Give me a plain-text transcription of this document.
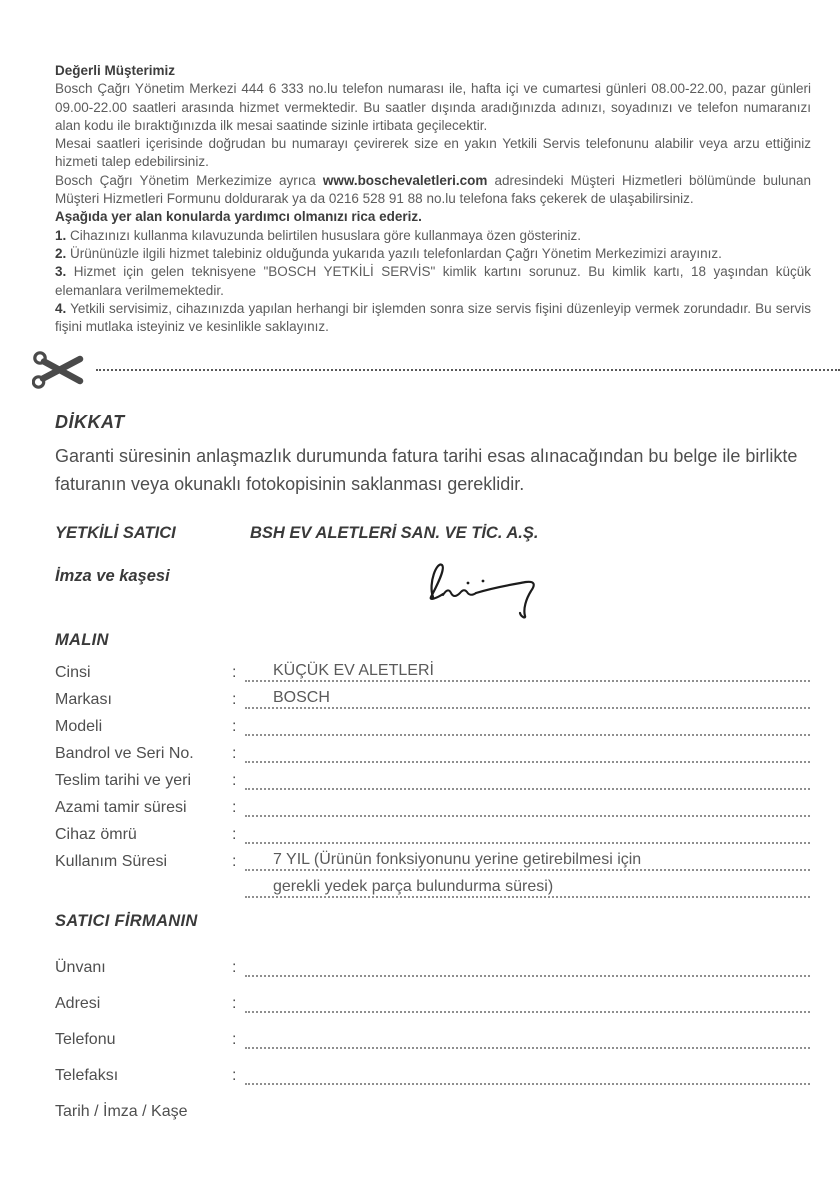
Değerli Müşterimiz

Bosch Çağrı Yönetim Merkezi 444 6 333 no.lu telefon numarası ile, hafta içi ve cumartesi günleri 08.00-22.00, pazar günleri 09.00-22.00 saatleri arasında hizmet vermektedir. Bu saatler dışında aradığınızda adınızı, soyadınızı ve telefon numaranızı alan kodu ile bıraktığınızda ilk mesai saatinde sizinle irtibata geçilecektir.

Mesai saatleri içerisinde doğrudan bu numarayı çevirerek size en yakın Yetkili Servis telefonunu alabilir veya arzu ettiğiniz hizmeti talep edebilirsiniz.

Bosch Çağrı Yönetim Merkezimize ayrıca www.boschevaletleri.com adresindeki Müşteri Hizmetleri bölümünde bulunan Müşteri Hizmetleri Formunu doldurarak ya da 0216 528 91 88 no.lu telefona faks çekerek de ulaşabilirsiniz.

Aşağıda yer alan konularda yardımcı olmanızı rica ederiz.

1. Cihazınızı kullanma kılavuzunda belirtilen hususlara göre kullanmaya özen gösteriniz.

2. Ürününüzle ilgili hizmet talebiniz olduğunda yukarıda yazılı telefonlardan Çağrı Yönetim Merkezimizi arayınız.

3. Hizmet için gelen teknisyene "BOSCH YETKİLİ SERVİS" kimlik kartını sorunuz. Bu kimlik kartı, 18 yaşından küçük elemanlara verilmemektedir.

4. Yetkili servisimiz, cihazınızda yapılan herhangi bir işlemden sonra size servis fişini düzenleyip vermek zorundadır. Bu servis fişini mutlaka isteyiniz ve kesinlikle saklayınız.

DİKKAT

Garanti süresinin anlaşmazlık durumunda fatura tarihi esas alınacağından bu belge ile birlikte faturanın veya okunaklı fotokopisinin saklanması gereklidir.

YETKİLİ SATICI	BSH EV ALETLERİ SAN. VE TİC. A.Ş.
İmza ve kaşesi
MALIN
Cinsi	:	KÜÇÜK EV ALETLERİ
Markası	:	BOSCH
Modeli	:
Bandrol ve Seri No.	:
Teslim tarihi ve yeri	:
Azami tamir süresi	:
Cihaz ömrü	:
Kullanım Süresi	:	7 YIL (Ürünün fonksiyonunu yerine getirebilmesi için
gerekli yedek parça bulundurma süresi)
SATICI FİRMANIN
Ünvanı	:
Adresi	:
Telefonu	:
Telefaksı	:
Tarih / İmza / Kaşe
